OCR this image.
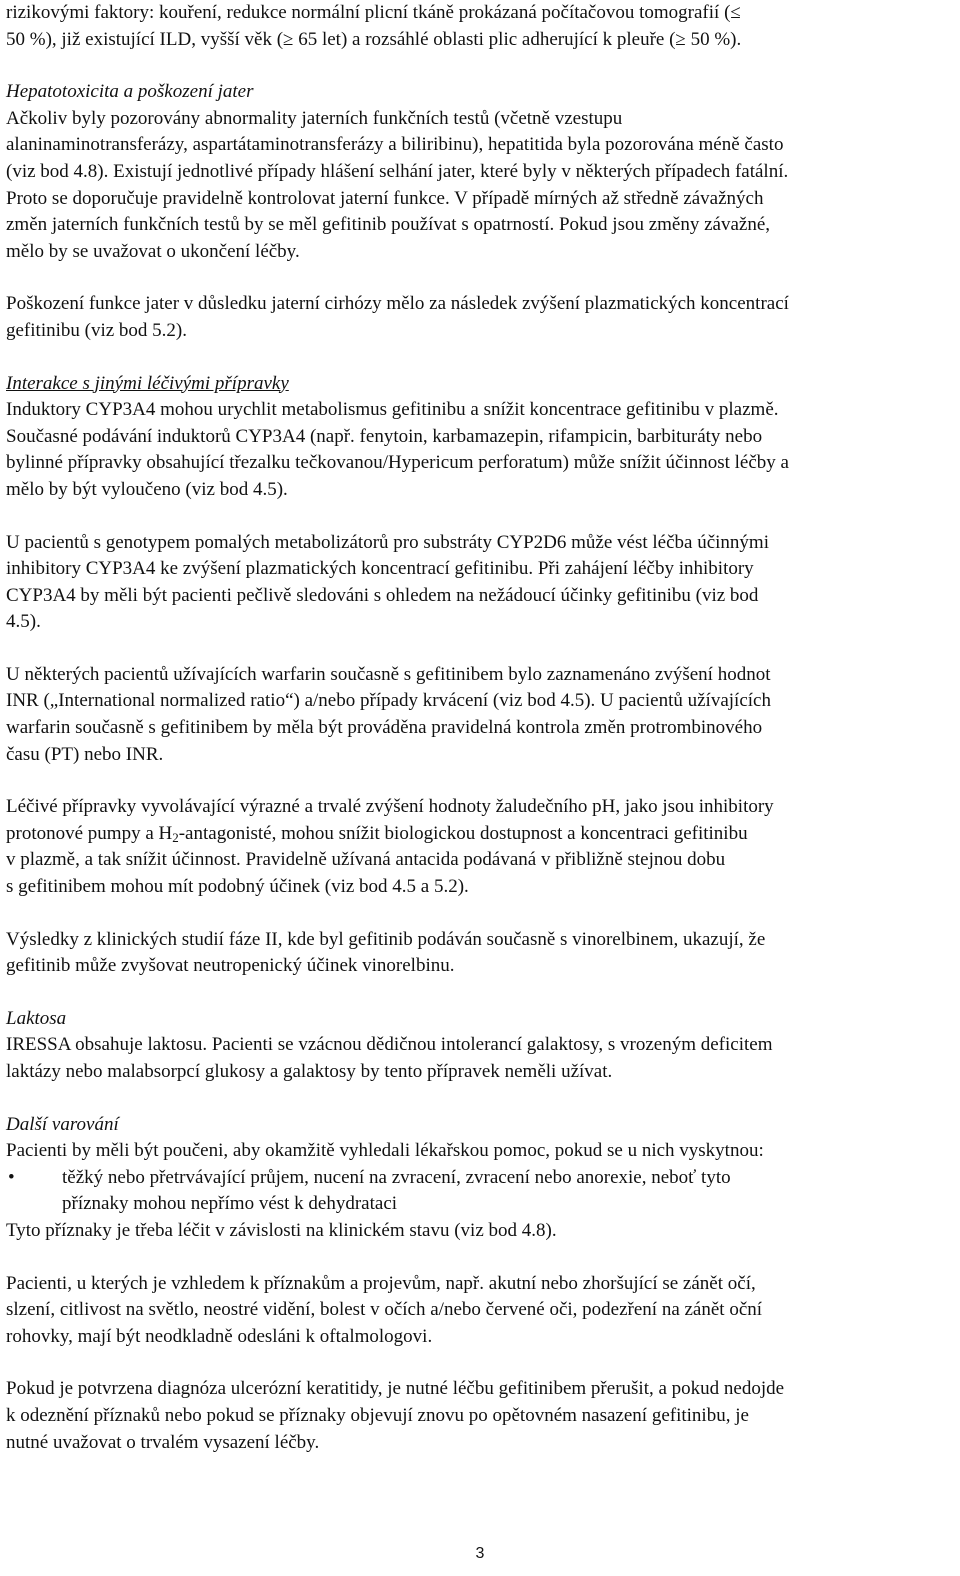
rizikovými faktory: kouření, redukce normální plicní tkáně prokázaná počítačovou tomografií (≤
50 %), již existující ILD, vyšší věk (≥ 65 let) a rozsáhlé oblasti plic adherující k pleuře (≥ 50 %).
Hepatotoxicita a poškození jater
Ačkoliv byly pozorovány abnormality jaterních funkčních testů (včetně vzestupu
alaninaminotransferázy, aspartátaminotransferázy a biliribinu), hepatitida byla pozorována méně často
(viz bod 4.8). Existují jednotlivé případy hlášení selhání jater, které byly v některých případech fatální.
Proto se doporučuje pravidelně kontrolovat jaterní funkce. V případě mírných až středně závažných
změn jaterních funkčních testů by se měl gefitinib používat s opatrností. Pokud jsou změny závažné,
mělo by se uvažovat o ukončení léčby.
Poškození funkce jater v důsledku jaterní cirhózy mělo za následek zvýšení plazmatických koncentrací
gefitinibu (viz bod 5.2).
Interakce s jinými léčivými přípravky
Induktory CYP3A4 mohou urychlit metabolismus gefitinibu a snížit koncentrace gefitinibu v plazmě.
Současné podávání induktorů CYP3A4 (např. fenytoin, karbamazepin, rifampicin, barbituráty nebo
bylinné přípravky obsahující třezalku tečkovanou/Hypericum perforatum) může snížit účinnost léčby a
mělo by být vyloučeno (viz bod 4.5).
U pacientů s genotypem pomalých metabolizátorů pro substráty CYP2D6 může vést léčba účinnými
inhibitory CYP3A4 ke zvýšení plazmatických koncentrací gefitinibu. Při zahájení léčby inhibitory
CYP3A4 by měli být pacienti pečlivě sledováni s ohledem na nežádoucí účinky gefitinibu (viz bod
4.5).
U některých pacientů užívajících warfarin současně s gefitinibem bylo zaznamenáno zvýšení hodnot
INR („International normalized ratio“) a/nebo případy krvácení (viz bod 4.5). U pacientů užívajících
warfarin současně s gefitinibem by měla být prováděna pravidelná kontrola změn protrombinového
času (PT) nebo INR.
Léčivé přípravky vyvolávající výrazné a trvalé zvýšení hodnoty žaludečního pH, jako jsou inhibitory
protonové pumpy a $H_2$-antagonisté, mohou snížit biologickou dostupnost a koncentraci gefitinibu
v plazmě, a tak snížit účinnost. Pravidelně užívaná antacida podávaná v přibližně stejnou dobu
s gefitinibem mohou mít podobný účinek (viz bod 4.5 a 5.2).
Výsledky z klinických studií fáze II, kde byl gefitinib podáván současně s vinorelbinem, ukazují, že
gefitinib může zvyšovat neutropenický účinek vinorelbinu.
Laktosa
IRESSA obsahuje laktosu. Pacienti se vzácnou dědičnou intolerancí galaktosy, s vrozeným deficitem
laktázy nebo malabsorpcí glukosy a galaktosy by tento přípravek neměli užívat.
Další varování
Pacienti by měli být poučeni, aby okamžitě vyhledali lékařskou pomoc, pokud se u nich vyskytnou:
• těžký nebo přetrvávající průjem, nucení na zvracení, zvracení nebo anorexie, neboť tyto
příznaky mohou nepřímo vést k dehydrataci
Tyto příznaky je třeba léčit v závislosti na klinickém stavu (viz bod 4.8).
Pacienti, u kterých je vzhledem k příznakům a projevům, např. akutní nebo zhoršující se zánět očí,
slzení, citlivost na světlo, neostré vidění, bolest v očích a/nebo červené oči, podezření na zánět oční
rohovky, mají být neodkladně odesláni k oftalmologovi.
Pokud je potvrzena diagnóza ulcerózní keratitidy, je nutné léčbu gefitinibem přerušit, a pokud nedojde
k odeznění příznaků nebo pokud se příznaky objevují znovu po opětovném nasazení gefitinibu, je
nutné uvažovat o trvalém vysazení léčby.
3
